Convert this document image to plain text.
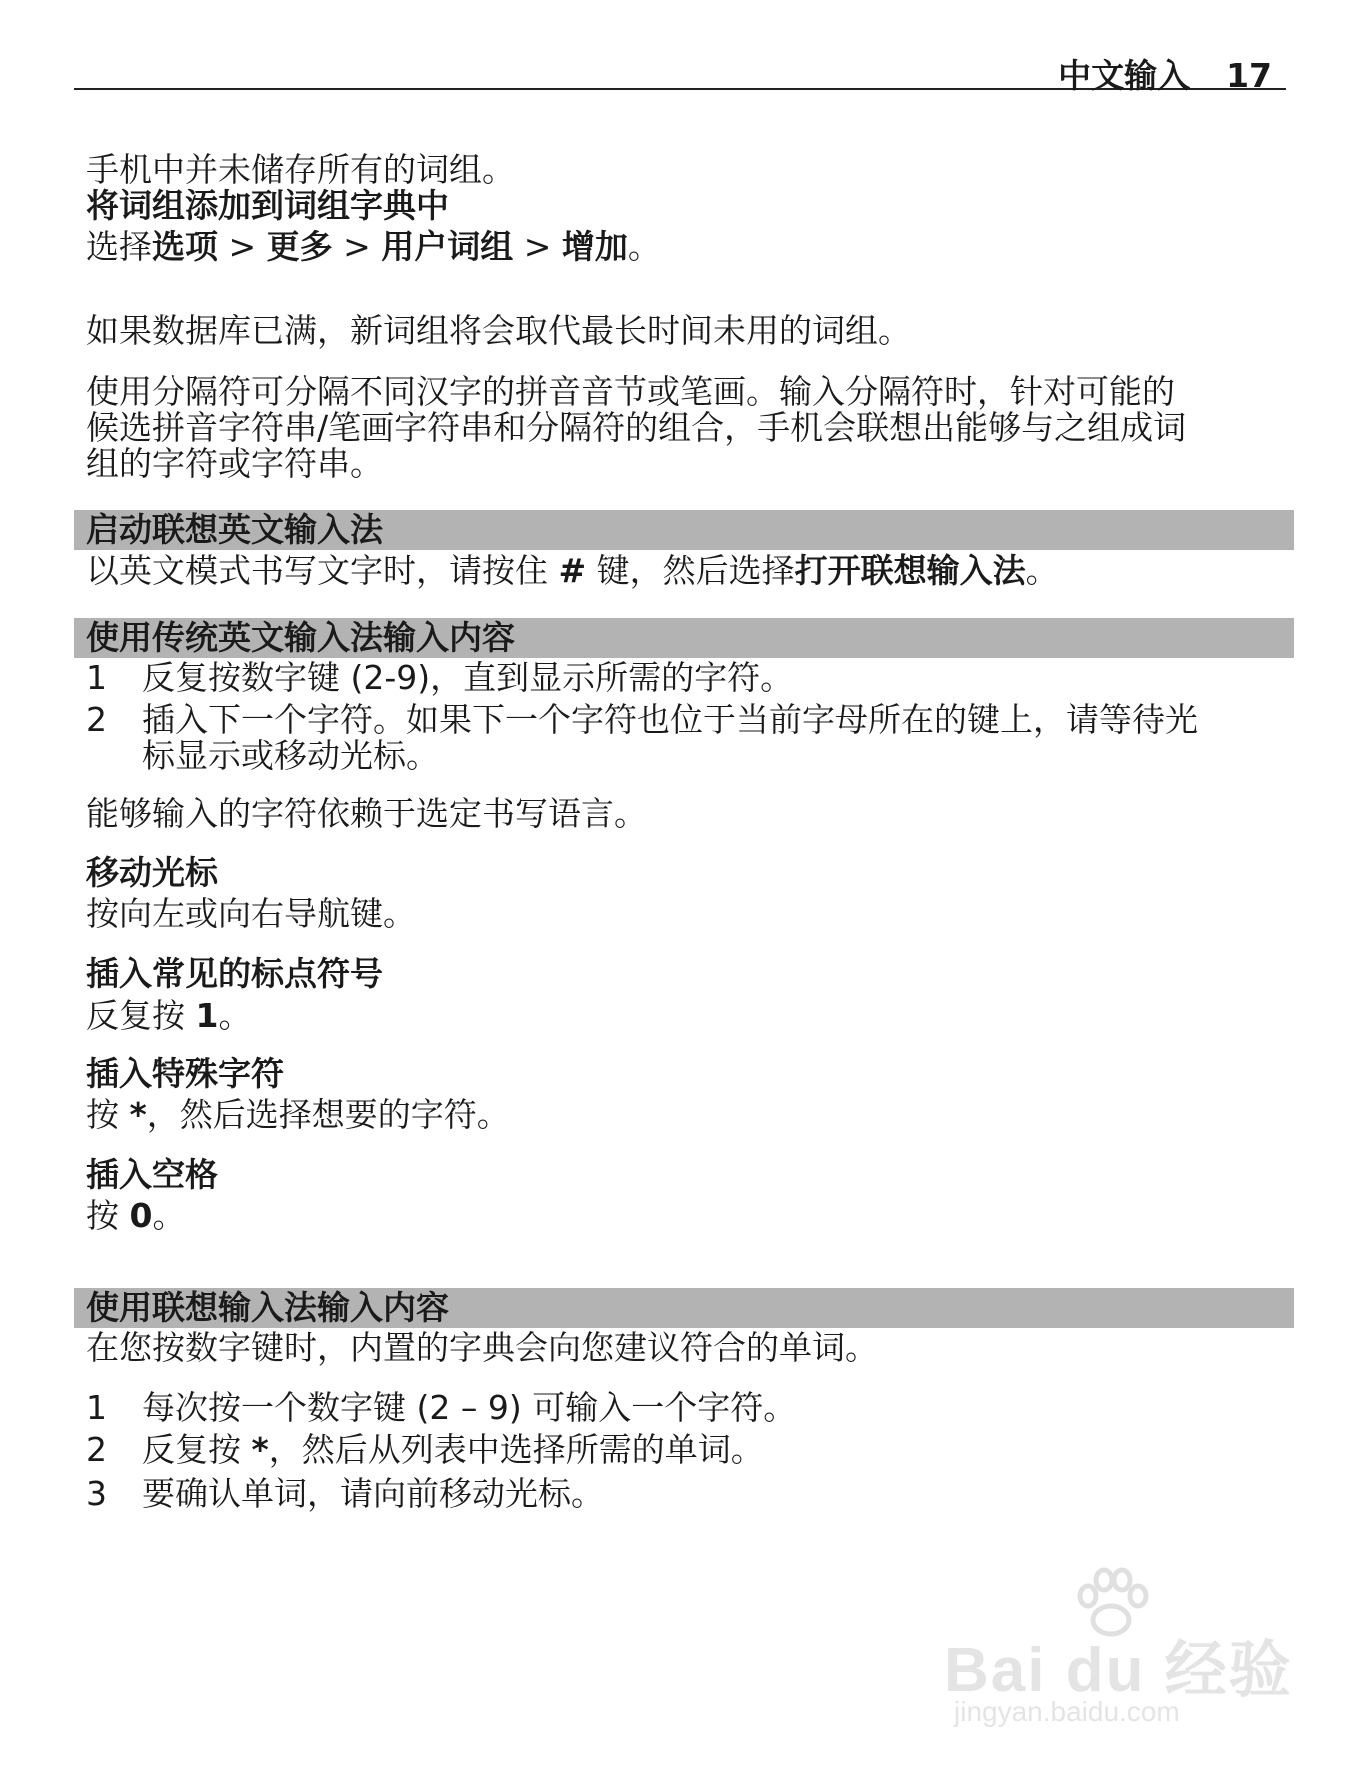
中文输入 17
手机中并未储存所有的词组。
将词组添加到词组字典中
选择选项 > 更多 > 用户词组 > 增加。
如果数据库已满，新词组将会取代最长时间未用的词组。
使用分隔符可分隔不同汉字的拼音音节或笔画。输入分隔符时，针对可能的
候选拼音字符串/笔画字符串和分隔符的组合，手机会联想出能够与之组成词
组的字符或字符串。
启动联想英文输入法
以英文模式书写文字时，请按住 # 键，然后选择打开联想输入法。
使用传统英文输入法输入内容
1 反复按数字键 (2-9)，直到显示所需的字符。
2 插入下一个字符。如果下一个字符也位于当前字母所在的键上，请等待光
标显示或移动光标。
能够输入的字符依赖于选定书写语言。
移动光标
按向左或向右导航键。
插入常见的标点符号
反复按 1。
插入特殊字符
按 *，然后选择想要的字符。
插入空格
按 0。
使用联想输入法输入内容
在您按数字键时，内置的字典会向您建议符合的单词。
1 每次按一个数字键 (2 – 9) 可输入一个字符。
2 反复按 *，然后从列表中选择所需的单词。
3 要确认单词，请向前移动光标。
Bai du 经验
jingyan.baidu.com
